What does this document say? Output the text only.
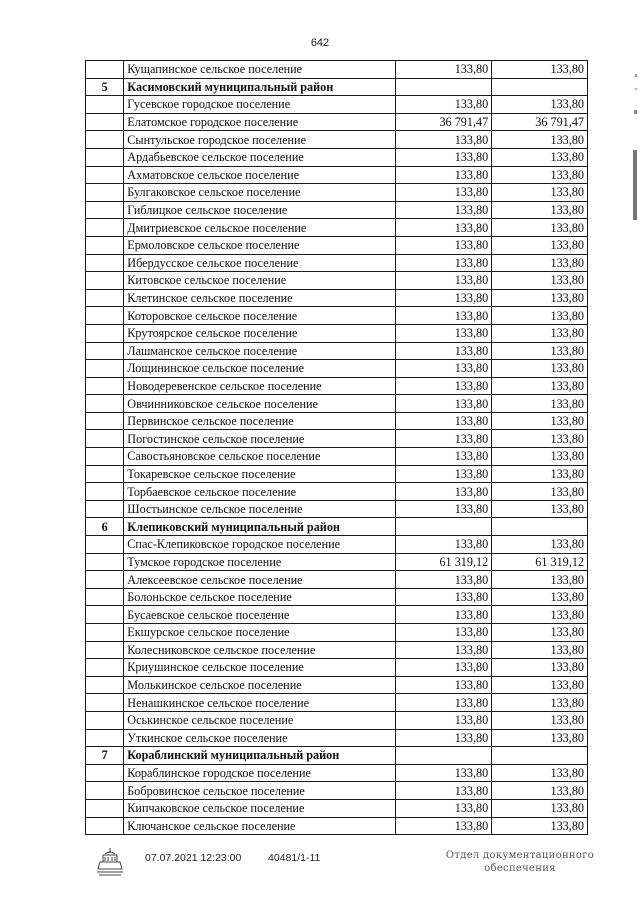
642
	Кущапинское сельское поселение	133,80	133,80
5	Касимовский муниципальный район		
	Гусевское городское поселение	133,80	133,80
	Елатомское городское поселение	36 791,47	36 791,47
	Сынтульское городское поселение	133,80	133,80
	Ардабьевское сельское поселение	133,80	133,80
	Ахматовское сельское поселение	133,80	133,80
	Булгаковское сельское поселение	133,80	133,80
	Гиблицкое сельское поселение	133,80	133,80
	Дмитриевское сельское поселение	133,80	133,80
	Ермоловское сельское поселение	133,80	133,80
	Ибердусское сельское поселение	133,80	133,80
	Китовское сельское поселение	133,80	133,80
	Клетинское сельское поселение	133,80	133,80
	Которовское сельское поселение	133,80	133,80
	Крутоярское сельское поселение	133,80	133,80
	Лашманское сельское поселение	133,80	133,80
	Лощининское сельское поселение	133,80	133,80
	Новодеревенское сельское поселение	133,80	133,80
	Овчинниковское сельское поселение	133,80	133,80
	Первинское сельское поселение	133,80	133,80
	Погостинское сельское поселение	133,80	133,80
	Савостьяновское сельское поселение	133,80	133,80
	Токаревское сельское поселение	133,80	133,80
	Торбаевское сельское поселение	133,80	133,80
	Шостьинское сельское поселение	133,80	133,80
6	Клепиковский муниципальный район		
	Спас-Клепиковское городское поселение	133,80	133,80
	Тумское городское поселение	61 319,12	61 319,12
	Алексеевское сельское поселение	133,80	133,80
	Болоньское сельское поселение	133,80	133,80
	Бусаевское сельское поселение	133,80	133,80
	Екшурское сельское поселение	133,80	133,80
	Колесниковское сельское поселение	133,80	133,80
	Криушинское сельское поселение	133,80	133,80
	Молькинское сельское поселение	133,80	133,80
	Ненашкинское сельское поселение	133,80	133,80
	Оськинское сельское поселение	133,80	133,80
	Уткинское сельское поселение	133,80	133,80
7	Кораблинский муниципальный район		
	Кораблинское городское поселение	133,80	133,80
	Бобровинское сельское поселение	133,80	133,80
	Кипчаковское сельское поселение	133,80	133,80
	Ключанское сельское поселение	133,80	133,80
07.07.2021 12:23:00	40481/1-11	Отдел документационного
обеспечения
